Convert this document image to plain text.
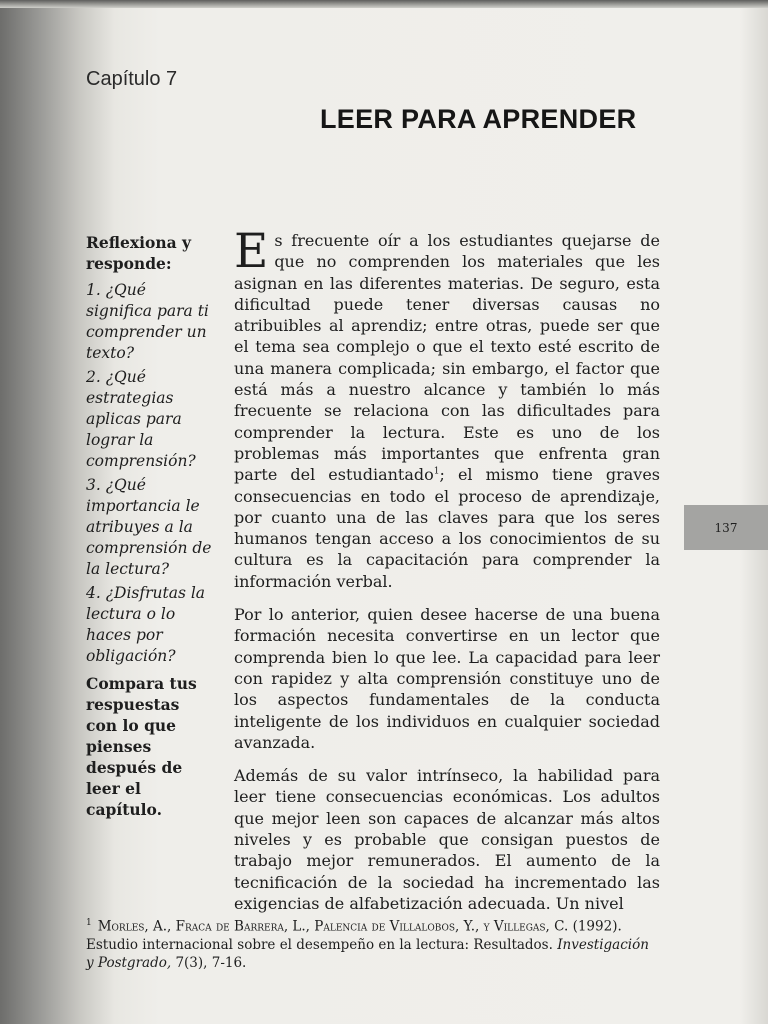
Capítulo 7
LEER PARA APRENDER
Reflexiona y responde:
1. ¿Qué significa para ti comprender un texto?
2. ¿Qué estrategias aplicas para lograr la comprensión?
3. ¿Qué importancia le atribuyes a la comprensión de la lectura?
4. ¿Disfrutas la lectura o lo haces por obligación?
Compara tus respuestas con lo que pienses después de leer el capítulo.

Es frecuente oír a los estudiantes quejarse de que no comprenden los materiales que les asignan en las diferentes materias. De seguro, esta dificultad puede tener diversas causas no atribuibles al aprendiz; entre otras, puede ser que el tema sea complejo o que el texto esté escrito de una manera complicada; sin embargo, el factor que está más a nuestro alcance y también lo más frecuente se relaciona con las dificultades para comprender la lectura. Este es uno de los problemas más importantes que enfrenta gran parte del estudiantado$^1$; el mismo tiene graves consecuencias en todo el proceso de aprendizaje, por cuanto una de las claves para que los seres humanos tengan acceso a los conocimientos de su cultura es la capacitación para comprender la información verbal.

Por lo anterior, quien desee hacerse de una buena formación necesita convertirse en un lector que comprenda bien lo que lee. La capacidad para leer con rapidez y alta comprensión constituye uno de los aspectos fundamentales de la conducta inteligente de los individuos en cualquier sociedad avanzada.

Además de su valor intrínseco, la habilidad para leer tiene consecuencias económicas. Los adultos que mejor leen son capaces de alcanzar más altos niveles y es probable que consigan puestos de trabajo mejor remunerados. El aumento de la tecnificación de la sociedad ha incrementado las exigencias de alfabetización adecuada. Un nivel

137
$^1$ Morles, A., Fraca de Barrera, L., Palencia de Villalobos, Y., y Villegas, C. (1992). Estudio internacional sobre el desempeño en la lectura: Resultados. Investigación y Postgrado, 7(3), 7-16.
